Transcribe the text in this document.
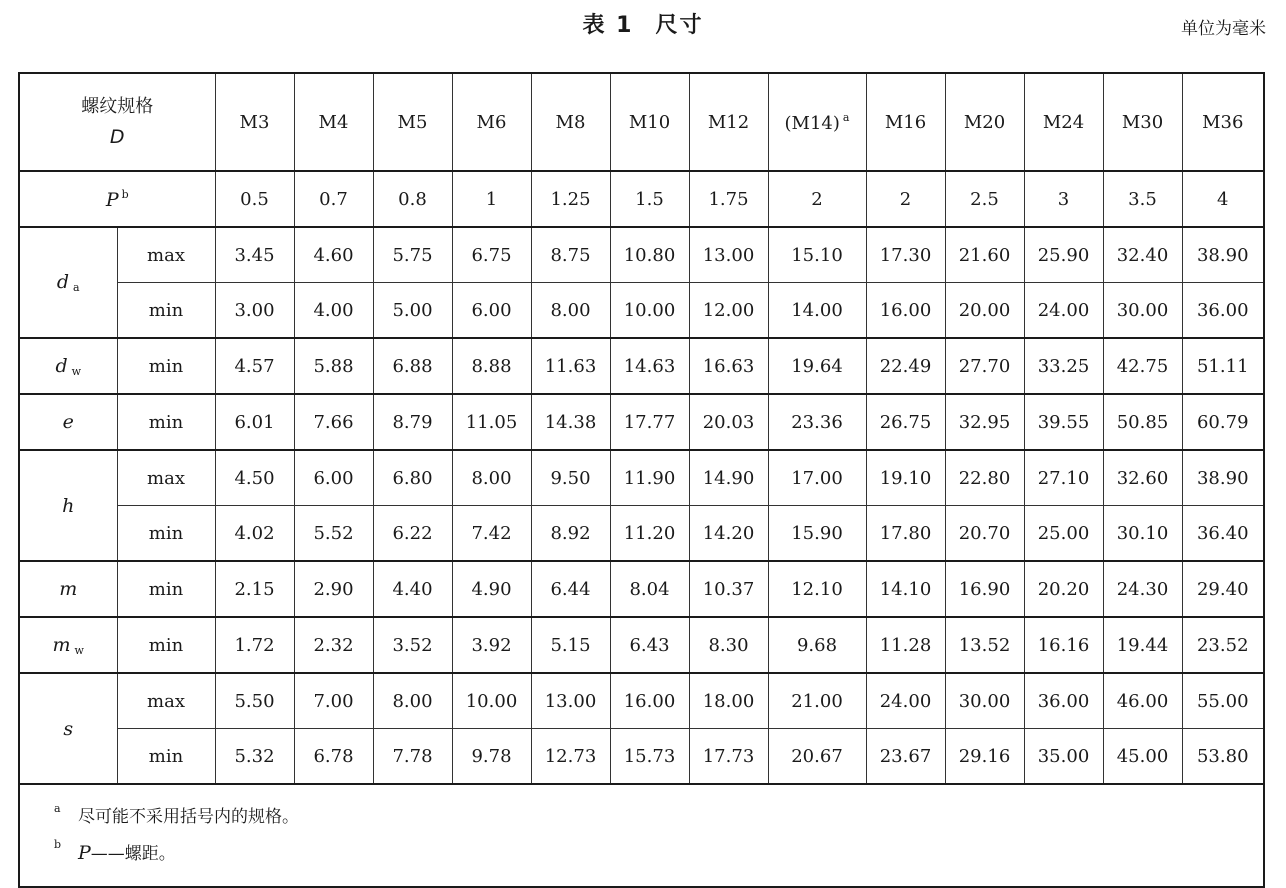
表 1 尺寸	单位为毫米
螺纹规格
D		M3	M4	M5	M6	M8	M10	M12	(M14) $^a$	M16	M20	M24	M30	M36
P $^b$		0.5	0.7	0.8	1	1.25	1.5	1.75	2	2	2.5	3	3.5	4
d $_a$	max	3.45	4.60	5.75	6.75	8.75	10.80	13.00	15.10	17.30	21.60	25.90	32.40	38.90
	min	3.00	4.00	5.00	6.00	8.00	10.00	12.00	14.00	16.00	20.00	24.00	30.00	36.00
d $_w$	min	4.57	5.88	6.88	8.88	11.63	14.63	16.63	19.64	22.49	27.70	33.25	42.75	51.11
e	min	6.01	7.66	8.79	11.05	14.38	17.77	20.03	23.36	26.75	32.95	39.55	50.85	60.79
h	max	4.50	6.00	6.80	8.00	9.50	11.90	14.90	17.00	19.10	22.80	27.10	32.60	38.90
	min	4.02	5.52	6.22	7.42	8.92	11.20	14.20	15.90	17.80	20.70	25.00	30.10	36.40
m	min	2.15	2.90	4.40	4.90	6.44	8.04	10.37	12.10	14.10	16.90	20.20	24.30	29.40
m $_w$	min	1.72	2.32	3.52	3.92	5.15	6.43	8.30	9.68	11.28	13.52	16.16	19.44	23.52
s	max	5.50	7.00	8.00	10.00	13.00	16.00	18.00	21.00	24.00	30.00	36.00	46.00	55.00
	min	5.32	6.78	7.78	9.78	12.73	15.73	17.73	20.67	23.67	29.16	35.00	45.00	53.80

a 尽可能不采用括号内的规格。
b P——螺距。														
